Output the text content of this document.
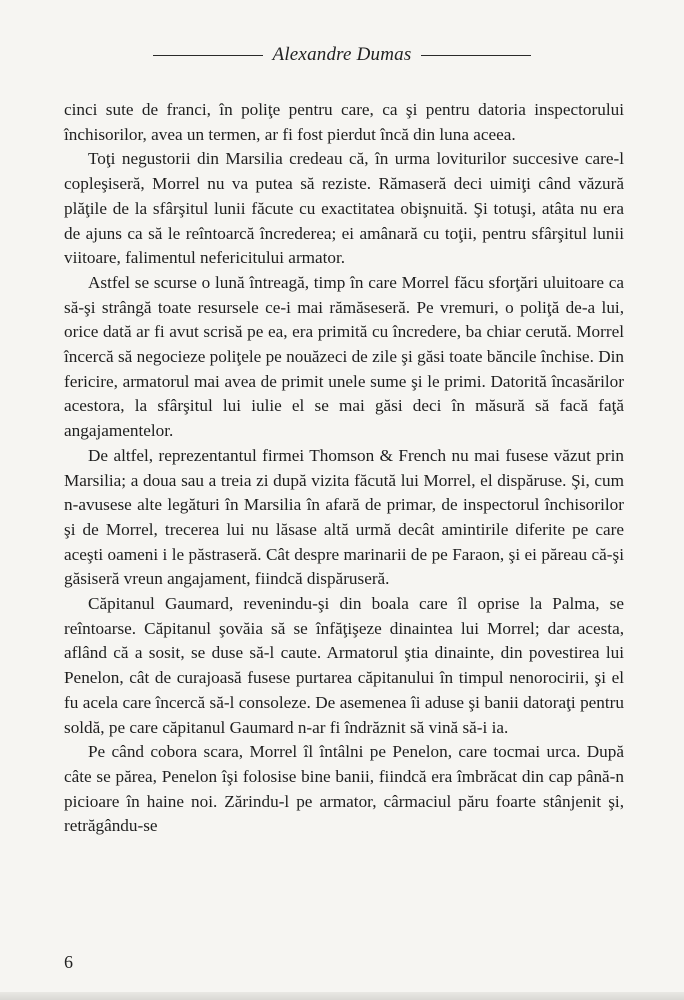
Alexandre Dumas

cinci sute de franci, în poliţe pentru care, ca şi pentru datoria inspectorului închisorilor, avea un termen, ar fi fost pierdut încă din luna aceea.

Toţi negustorii din Marsilia credeau că, în urma loviturilor succesive care-l copleşiseră, Morrel nu va putea să reziste. Rămaseră deci uimiţi când văzură plăţile de la sfârşitul lunii făcute cu exactitatea obişnuită. Şi totuşi, atâta nu era de ajuns ca să le reîntoarcă încrederea; ei amânară cu toţii, pentru sfârşitul lunii viitoare, falimentul nefericitului armator.

Astfel se scurse o lună întreagă, timp în care Morrel făcu sforţări uluitoare ca să-şi strângă toate resursele ce-i mai rămăseseră. Pe vremuri, o poliţă de-a lui, orice dată ar fi avut scrisă pe ea, era primită cu încredere, ba chiar cerută. Morrel încercă să negocieze poliţele pe nouăzeci de zile şi găsi toate băncile închise. Din fericire, armatorul mai avea de primit unele sume şi le primi. Datorită încasărilor acestora, la sfârşitul lui iulie el se mai găsi deci în măsură să facă faţă angajamentelor.

De altfel, reprezentantul firmei Thomson & French nu mai fusese văzut prin Marsilia; a doua sau a treia zi după vizita făcută lui Morrel, el dispăruse. Şi, cum n-avusese alte legături în Marsilia în afară de primar, de inspectorul închisorilor şi de Morrel, trecerea lui nu lăsase altă urmă decât amintirile diferite pe care aceşti oameni i le păstraseră. Cât despre marinarii de pe Faraon, şi ei păreau că-şi găsiseră vreun angajament, fiindcă dispăruseră.

Căpitanul Gaumard, revenindu-şi din boala care îl oprise la Palma, se reîntoarse. Căpitanul şovăia să se înfăţişeze dinaintea lui Morrel; dar acesta, aflând că a sosit, se duse să-l caute. Armatorul ştia dinainte, din povestirea lui Penelon, cât de curajoasă fusese purtarea căpitanului în timpul nenorocirii, şi el fu acela care încercă să-l consoleze. De asemenea îi aduse şi banii datoraţi pentru soldă, pe care căpitanul Gaumard n-ar fi îndrăznit să vină să-i ia.

Pe când cobora scara, Morrel îl întâlni pe Penelon, care tocmai urca. După câte se părea, Penelon îşi folosise bine banii, fiindcă era îmbrăcat din cap până-n picioare în haine noi. Zărindu-l pe armator, cârmaciul păru foarte stânjenit şi, retrăgându-se

6
